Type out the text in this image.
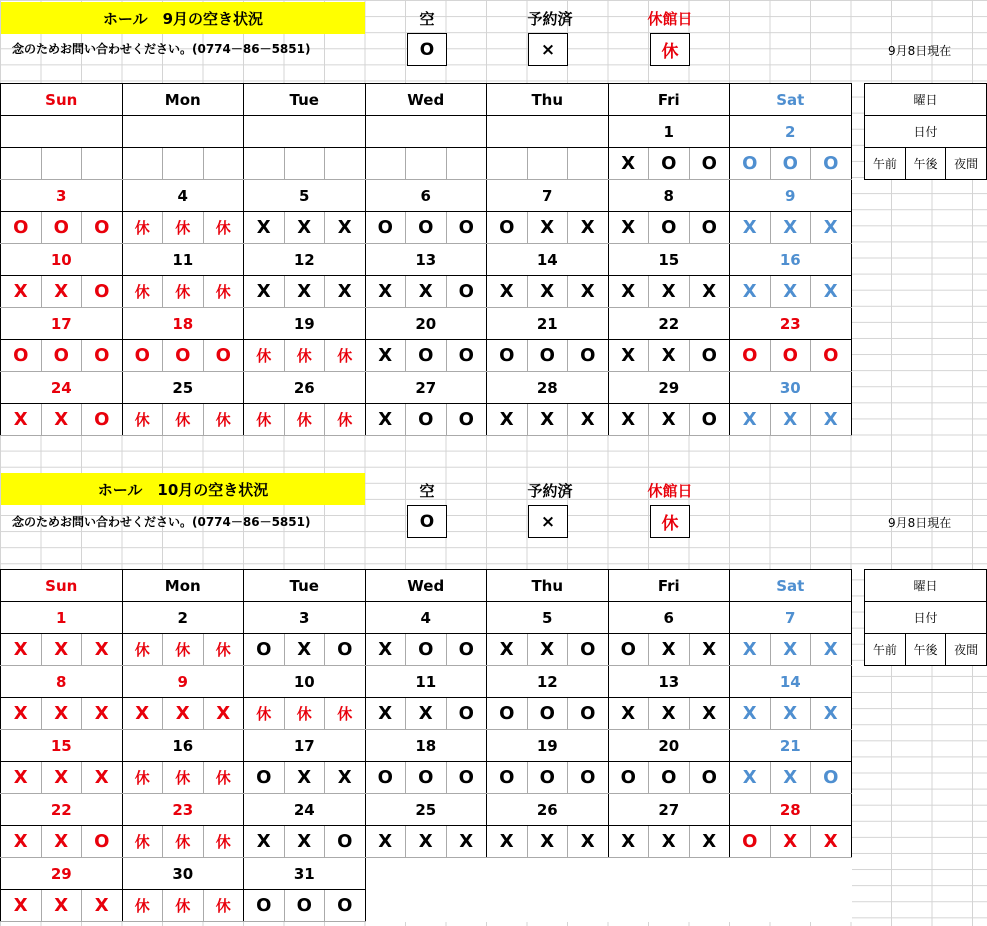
ホール　9月の空き状況
念のためお問い合わせください。(0774－86－5851)
空	予約済	休館日
O	×	休	9月8日現在
Sun			Mon			Tue			Wed			Thu			Fri			Sat		
															1			2		
															X	O	O	O	O	O
3			4			5			6			7			8			9		
O	O	O	休	休	休	X	X	X	O	O	O	O	X	X	X	O	O	X	X	X
10			11			12			13			14			15			16		
X	X	O	休	休	休	X	X	X	X	X	O	X	X	X	X	X	X	X	X	X
17			18			19			20			21			22			23		
O	O	O	O	O	O	休	休	休	X	O	O	O	O	O	X	X	O	O	O	O
24			25			26			27			28			29			30		
X	X	O	休	休	休	休	休	休	X	O	O	X	X	X	X	X	O	X	X	X
曜日
日付
午前	午後	夜間
ホール　10月の空き状況
念のためお問い合わせください。(0774－86－5851)
空	予約済	休館日
O	×	休	9月8日現在
Sun			Mon			Tue			Wed			Thu			Fri			Sat		
1			2			3			4			5			6			7		
X	X	X	休	休	休	O	X	O	X	O	O	X	X	O	O	X	X	X	X	X
8			9			10			11			12			13			14		
X	X	X	X	X	X	休	休	休	X	X	O	O	O	O	X	X	X	X	X	X
15			16			17			18			19			20			21		
X	X	X	休	休	休	O	X	X	O	O	O	O	O	O	O	O	O	X	X	O
22			23			24			25			26			27			28		
X	X	O	休	休	休	X	X	O	X	X	X	X	X	X	X	X	X	O	X	X
29			30			31														
X	X	X	休	休	休	O	O	O												
曜日
日付
午前	午後	夜間
